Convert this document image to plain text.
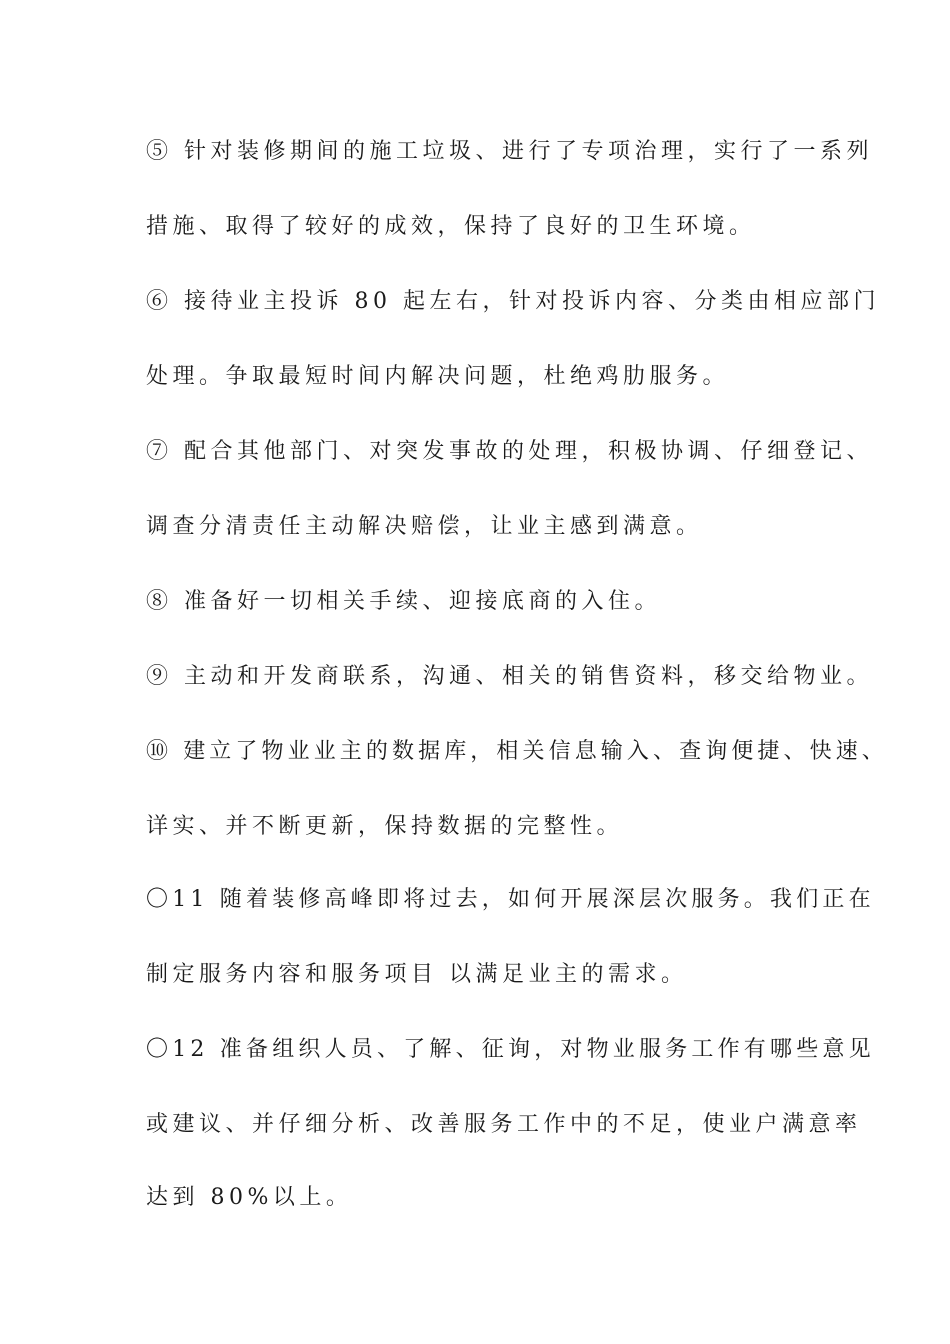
⑤ 针对装修期间的施工垃圾、进行了专项治理，实行了一系列
措施、取得了较好的成效，保持了良好的卫生环境。
⑥ 接待业主投诉 80 起左右，针对投诉内容、分类由相应部门
处理。争取最短时间内解决问题，杜绝鸡肋服务。
⑦ 配合其他部门、对突发事故的处理，积极协调、仔细登记、
调查分清责任主动解决赔偿，让业主感到满意。
⑧ 准备好一切相关手续、迎接底商的入住。
⑨ 主动和开发商联系，沟通、相关的销售资料，移交给物业。
⑩ 建立了物业业主的数据库，相关信息输入、查询便捷、快速、
详实、并不断更新，保持数据的完整性。
〇11 随着装修高峰即将过去，如何开展深层次服务。我们正在
制定服务内容和服务项目 以满足业主的需求。
〇12 准备组织人员、了解、征询，对物业服务工作有哪些意见
或建议、并仔细分析、改善服务工作中的不足，使业户满意率
达到 80%以上。
